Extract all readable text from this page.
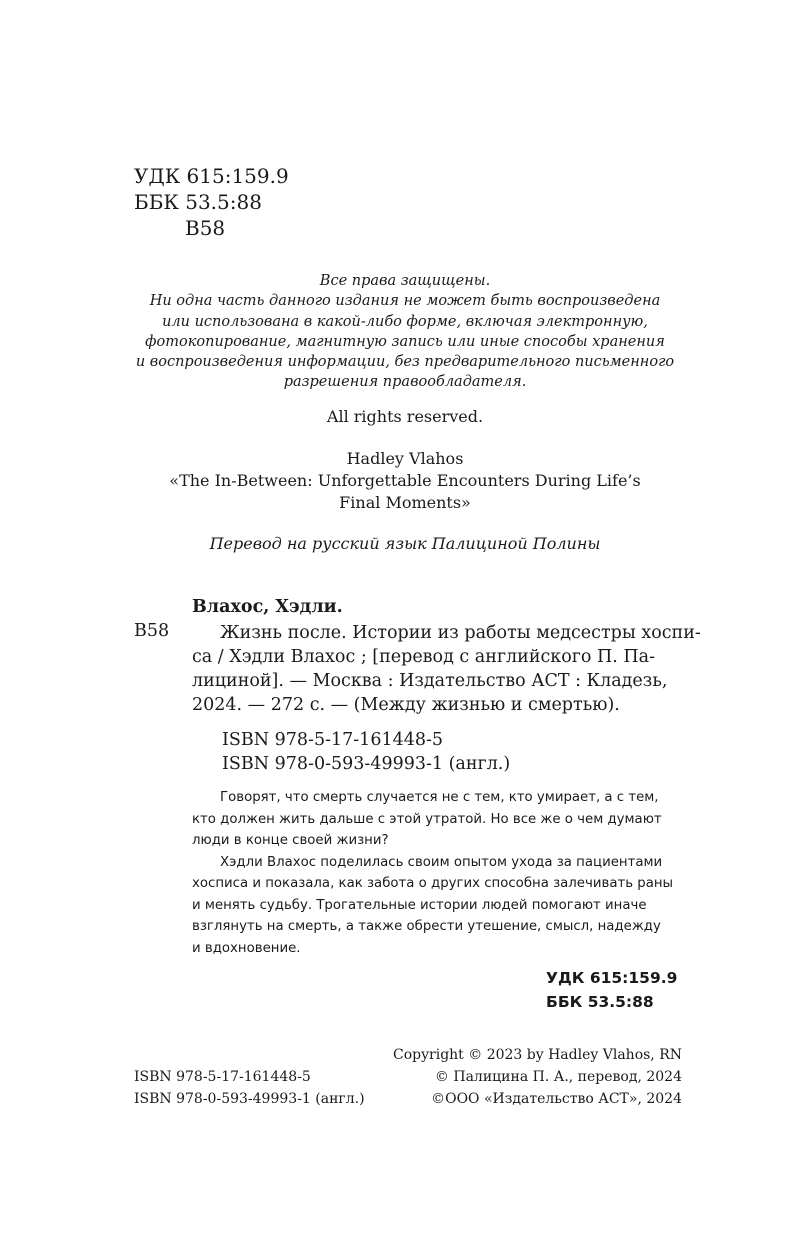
УДК 615:159.9
ББК 53.5:88
В58
Все права защищены.
Ни одна часть данного издания не может быть воспроизведена
или использована в какой-либо форме, включая электронную,
фотокопирование, магнитную запись или иные способы хранения
и воспроизведения информации, без предварительного письменного
разрешения правообладателя.
All rights reserved.
Hadley Vlahos
«The In-Between: Unforgettable Encounters During Life’s
Final Moments»
Перевод на русский язык Палициной Полины
Влахос, Хэдли.
В58	Жизнь после. Истории из работы медсестры хоспи-
са / Хэдли Влахос ; [перевод с английского П. Па-
лициной]. — Москва : Издательство АСТ : Кладезь,
2024. — 272 с. — (Между жизнью и смертью).
ISBN 978-5-17-161448-5
ISBN 978-0-593-49993-1 (англ.)
Говорят, что смерть случается не с тем, кто умирает, а с тем,
кто должен жить дальше с этой утратой. Но все же о чем думают
люди в конце своей жизни?
Хэдли Влахос поделилась своим опытом ухода за пациентами
хосписа и показала, как забота о других способна залечивать раны
и менять судьбу. Трогательные истории людей помогают иначе
взглянуть на смерть, а также обрести утешение, смысл, надежду
и вдохновение.
УДК 615:159.9
ББК 53.5:88
ISBN 978-5-17-161448-5
ISBN 978-0-593-49993-1 (англ.)
Copyright © 2023 by Hadley Vlahos, RN
© Палицина П. А., перевод, 2024
©ООО «Издательство АСТ», 2024
